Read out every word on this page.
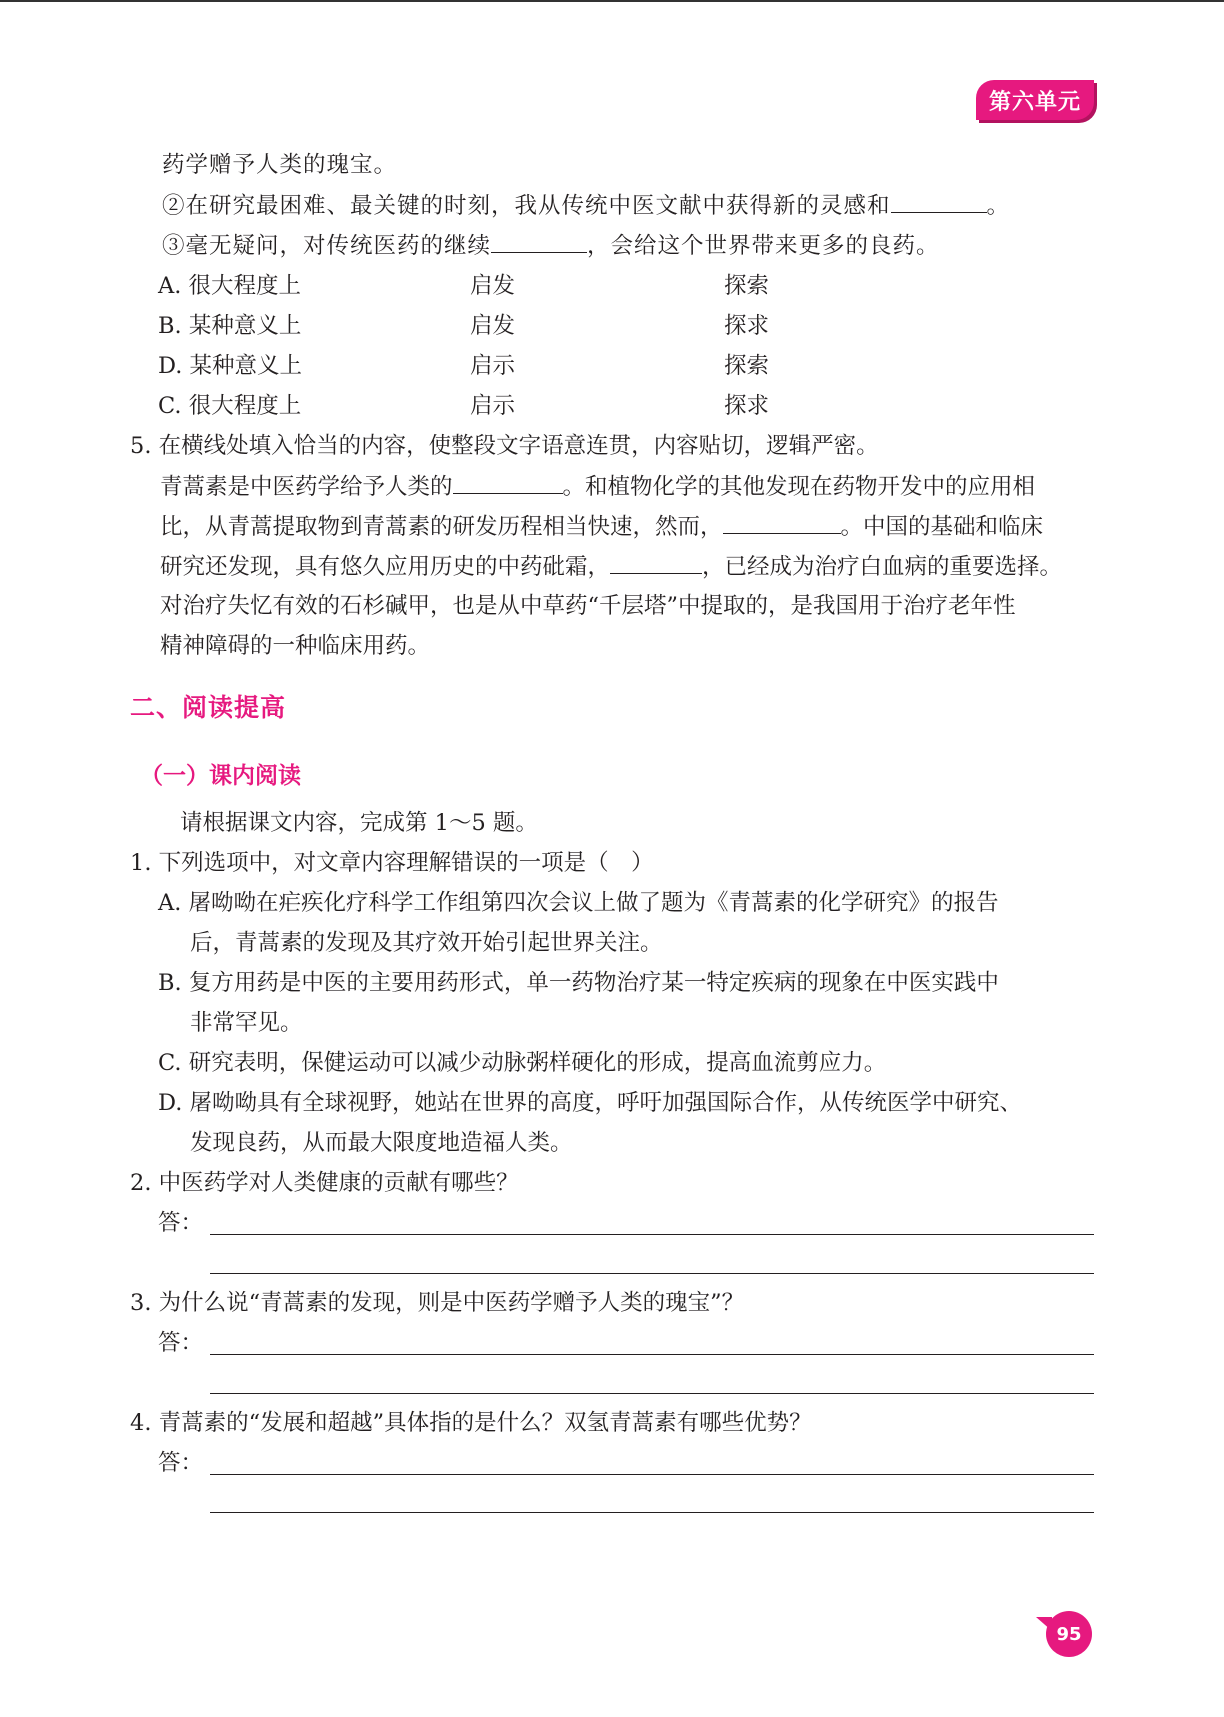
第六单元
药学赠予人类的瑰宝。
②在研究最困难、最关键的时刻，我从传统中医文献中获得新的灵感和	。
③毫无疑问，对传统医药的继续	，会给这个世界带来更多的良药。
A. 很大程度上	启发	探索
B. 某种意义上	启发	探求
D. 某种意义上	启示	探索
C. 很大程度上	启示	探求
5. 在横线处填入恰当的内容，使整段文字语意连贯，内容贴切，逻辑严密。
青蒿素是中医药学给予人类的	。和植物化学的其他发现在药物开发中的应用相
比，从青蒿提取物到青蒿素的研发历程相当快速，然而，	。中国的基础和临床
研究还发现，具有悠久应用历史的中药砒霜，	，已经成为治疗白血病的重要选择。
对治疗失忆有效的石杉碱甲，也是从中草药“千层塔”中提取的，是我国用于治疗老年性
精神障碍的一种临床用药。
二、阅读提高
（一）课内阅读
请根据课文内容，完成第 1～5 题。
1. 下列选项中，对文章内容理解错误的一项是（　）
A. 屠呦呦在疟疾化疗科学工作组第四次会议上做了题为《青蒿素的化学研究》的报告
后，青蒿素的发现及其疗效开始引起世界关注。
B. 复方用药是中医的主要用药形式，单一药物治疗某一特定疾病的现象在中医实践中
非常罕见。
C. 研究表明，保健运动可以减少动脉粥样硬化的形成，提高血流剪应力。
D. 屠呦呦具有全球视野，她站在世界的高度，呼吁加强国际合作，从传统医学中研究、
发现良药，从而最大限度地造福人类。
2. 中医药学对人类健康的贡献有哪些？
答：
3. 为什么说“青蒿素的发现，则是中医药学赠予人类的瑰宝”？
答：
4. 青蒿素的“发展和超越”具体指的是什么？双氢青蒿素有哪些优势？
答：
95
